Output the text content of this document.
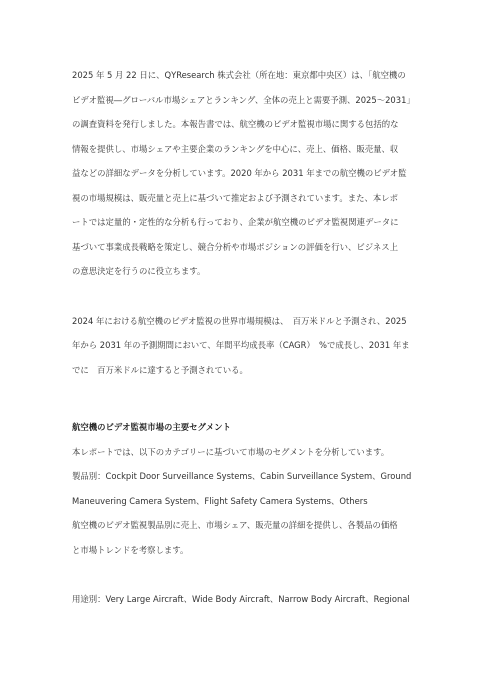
2025 年 5 月 22 日に、QYResearch 株式会社（所在地：東京都中央区）は、「航空機の
ビデオ監視―グローバル市場シェアとランキング、全体の売上と需要予測、2025～2031」
の調査資料を発行しました。本報告書では、航空機のビデオ監視市場に関する包括的な
情報を提供し、市場シェアや主要企業のランキングを中心に、売上、価格、販売量、収
益などの詳細なデータを分析しています。2020 年から 2031 年までの航空機のビデオ監
視の市場規模は、販売量と売上に基づいて推定および予測されています。また、本レポ
ートでは定量的・定性的な分析も行っており、企業が航空機のビデオ監視関連データに
基づいて事業成長戦略を策定し、競合分析や市場ポジションの評価を行い、ビジネス上
の意思決定を行うのに役立ちます。
2024 年における航空機のビデオ監視の世界市場規模は、　百万米ドルと予測され、2025
年から 2031 年の予測期間において、年間平均成長率（CAGR）　%で成長し、2031 年ま
でに　百万米ドルに達すると予測されている。
航空機のビデオ監視市場の主要セグメント
本レポートでは、以下のカテゴリーに基づいて市場のセグメントを分析しています。
製品別：Cockpit Door Surveillance Systems、Cabin Surveillance System、Ground
Maneuvering Camera System、Flight Safety Camera Systems、Others
航空機のビデオ監視製品別に売上、市場シェア、販売量の詳細を提供し、各製品の価格
と市場トレンドを考察します。
用途別：Very Large Aircraft、Wide Body Aircraft、Narrow Body Aircraft、Regional
